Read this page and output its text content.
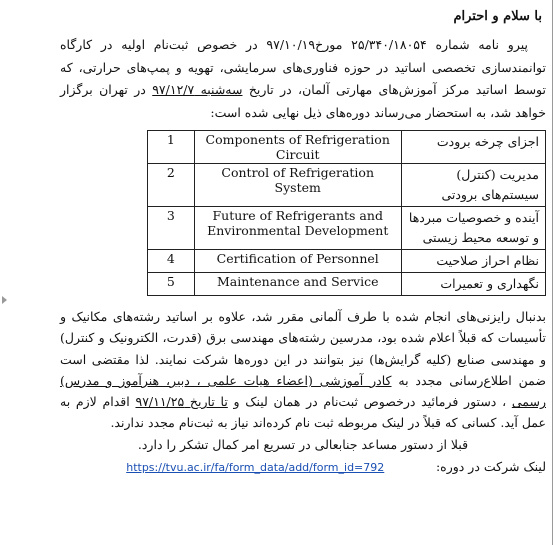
با سلام و احترام

پیرو نامه شماره ۲۵/۳۴۰/۱۸۰۵۴ مورخ۹۷/۱۰/۱۹ در خصوص ثبت‌نام اولیه در کارگاه توانمندسازی تخصصی اساتید در حوزه فناوری‌های سرمایشی، تهویه و پمپ‌های حرارتی، که توسط اساتید مرکز آموزش‌های مهارتی آلمان، در تاریخ سه‌شنبه ۹۷/۱۲/۷ در تهران برگزار خواهد شد، به استحضار می‌رساند دوره‌های ذیل نهایی شده است:

اجزای چرخه برودت	Components of Refrigeration Circuit	1
مدیریت (کنترل) سیستم‌های برودتی	Control of Refrigeration System	2
آینده و خصوصیات مبردها و توسعه محیط زیستی	Future of Refrigerants and Environmental Development	3
نظام احراز صلاحیت	Certification of Personnel	4
نگهداری و تعمیرات	Maintenance and Service	5

بدنبال رایزنی‌های انجام شده با طرف آلمانی مقرر شد، علاوه بر اساتید رشته‌های مکانیک و تأسیسات که قبلاً اعلام شده بود، مدرسین رشته‌های مهندسی برق (قدرت، الکترونیک و کنترل) و مهندسی صنایع (کلیه گرایش‌ها) نیز بتوانند در این دوره‌ها شرکت نمایند. لذا مقتضی است ضمن اطلاع‌رسانی مجدد به کادر آموزشی (اعضاء هیات علمی ، دبیر، هنرآموز و مدرس) رسمی ، دستور فرمائید درخصوص ثبت‌نام در همان لینک و تا تاریخ ۹۷/۱۱/۲۵ اقدام لازم به عمل آید. کسانی که قبلاً در لینک مربوطه ثبت نام کرده‌اند نیاز به ثبت‌نام مجدد ندارند.

قبلا از دستور مساعد جنابعالی در تسریع امر کمال تشکر را دارد.

لینک شرکت در دوره:             https://tvu.ac.ir/fa/form_data/add/form_id=792
